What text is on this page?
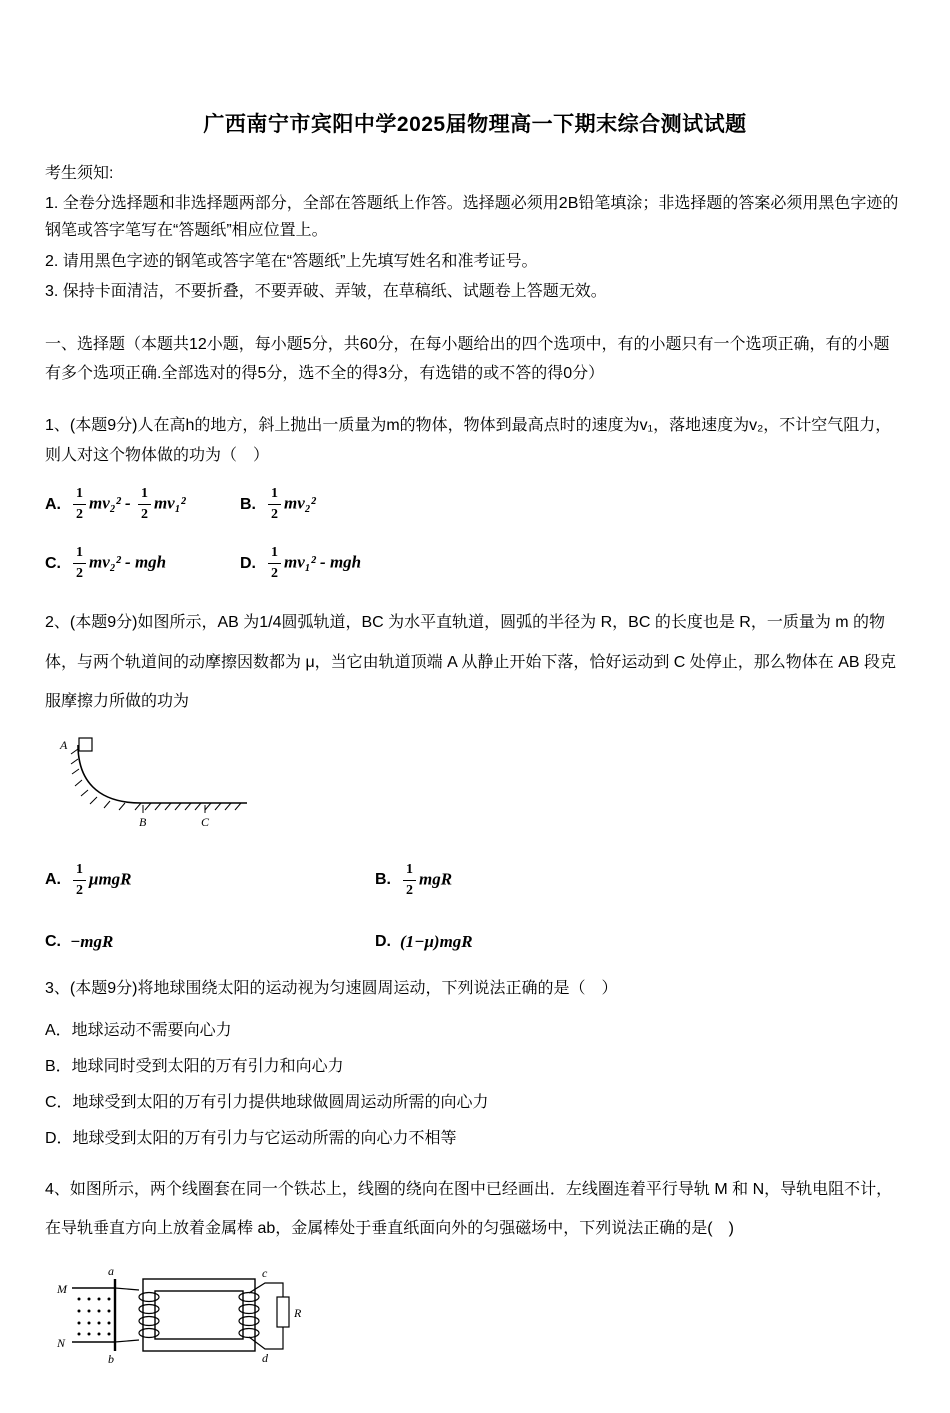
广西南宁市宾阳中学2025届物理高一下期末综合测试试题

考生须知:

1. 全卷分选择题和非选择题两部分，全部在答题纸上作答。选择题必须用2B铅笔填涂；非选择题的答案必须用黑色字迹的钢笔或答字笔写在“答题纸”相应位置上。

2. 请用黑色字迹的钢笔或答字笔在“答题纸”上先填写姓名和准考证号。

3. 保持卡面清洁，不要折叠，不要弄破、弄皱，在草稿纸、试题卷上答题无效。

一、选择题（本题共12小题，每小题5分，共60分，在每小题给出的四个选项中，有的小题只有一个选项正确，有的小题有多个选项正确.全部选对的得5分，选不全的得3分，有选错的或不答的得0分）

1、(本题9分)人在高h的地方，斜上抛出一质量为m的物体，物体到最高点时的速度为v₁，落地速度为v₂，不计空气阻力，则人对这个物体做的功为（　）

A. $\frac{1}{2} mv_2^2 - \frac{1}{2} mv_1^2$	B. $\frac{1}{2} mv_2^2$
C. $\frac{1}{2} mv_2^2$ - mgh	D. $\frac{1}{2} mv_1^2$ - mgh

2、(本题9分)如图所示，AB 为1/4圆弧轨道，BC 为水平直轨道，圆弧的半径为 R，BC 的长度也是 R，一质量为 m 的物体，与两个轨道间的动摩擦因数都为 μ，当它由轨道顶端 A 从静止开始下落，恰好运动到 C 处停止，那么物体在 AB 段克服摩擦力所做的功为

A
B	C
A. $\frac{1}{2}$ μmgR	B. $\frac{1}{2}$ mgR
C. −mgR	D. (1−μ)mgR

3、(本题9分)将地球围绕太阳的运动视为匀速圆周运动，下列说法正确的是（　）

A．地球运动不需要向心力

B．地球同时受到太阳的万有引力和向心力

C．地球受到太阳的万有引力提供地球做圆周运动所需的向心力

D．地球受到太阳的万有引力与它运动所需的向心力不相等

4、如图所示，两个线圈套在同一个铁芯上，线圈的绕向在图中已经画出．左线圈连着平行导轨 M 和 N，导轨电阻不计，在导轨垂直方向上放着金属棒 ab，金属棒处于垂直纸面向外的匀强磁场中，下列说法正确的是(　)

M
N
a
b
c
d
R
